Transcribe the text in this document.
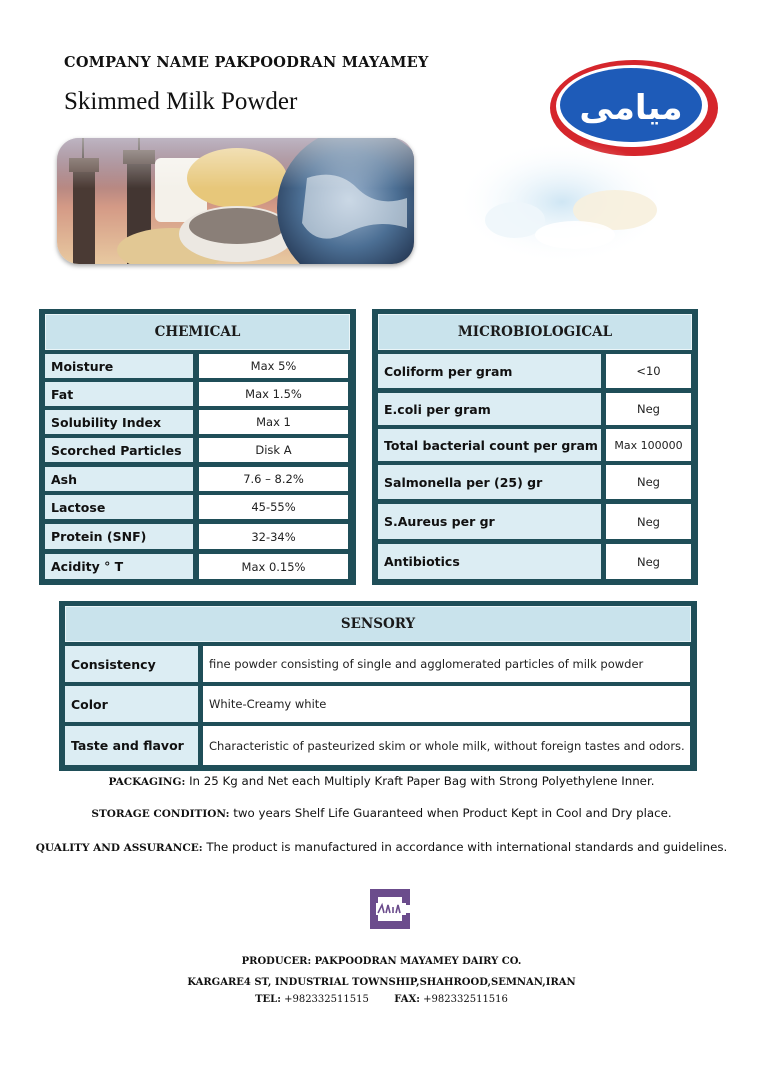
COMPANY NAME PAKPOODRAN MAYAMEY
Skimmed Milk Powder	ميامی
CHEMICAL
Moisture	Max 5%
Fat	Max 1.5%
Solubility Index	Max 1
Scorched Particles	Disk A
Ash	7.6 – 8.2%
Lactose	45-55%
Protein (SNF)	32-34%
Acidity ° T	Max 0.15%
MICROBIOLOGICAL
Coliform per gram	<10
E.coli per gram	Neg
Total bacterial count per gram	Max 100000
Salmonella per (25) gr	Neg
S.Aureus per gr	Neg
Antibiotics	Neg
SENSORY
Consistency	fine powder consisting of single and agglomerated particles of milk powder
Color	White-Creamy white
Taste and flavor	Characteristic of pasteurized skim or whole milk, without foreign tastes and odors.
PACKAGING: In 25 Kg and Net each Multiply Kraft Paper Bag with Strong Polyethylene Inner.
STORAGE CONDITION: two years Shelf Life Guaranteed when Product Kept in Cool and Dry place.
QUALITY AND ASSURANCE: The product is manufactured in accordance with international standards and guidelines.
PRODUCER: PAKPOODRAN MAYAMEY DAIRY CO.
KARGARE4 ST, INDUSTRIAL TOWNSHIP,SHAHROOD,SEMNAN,IRAN
TEL: +982332511515	FAX: +982332511516
